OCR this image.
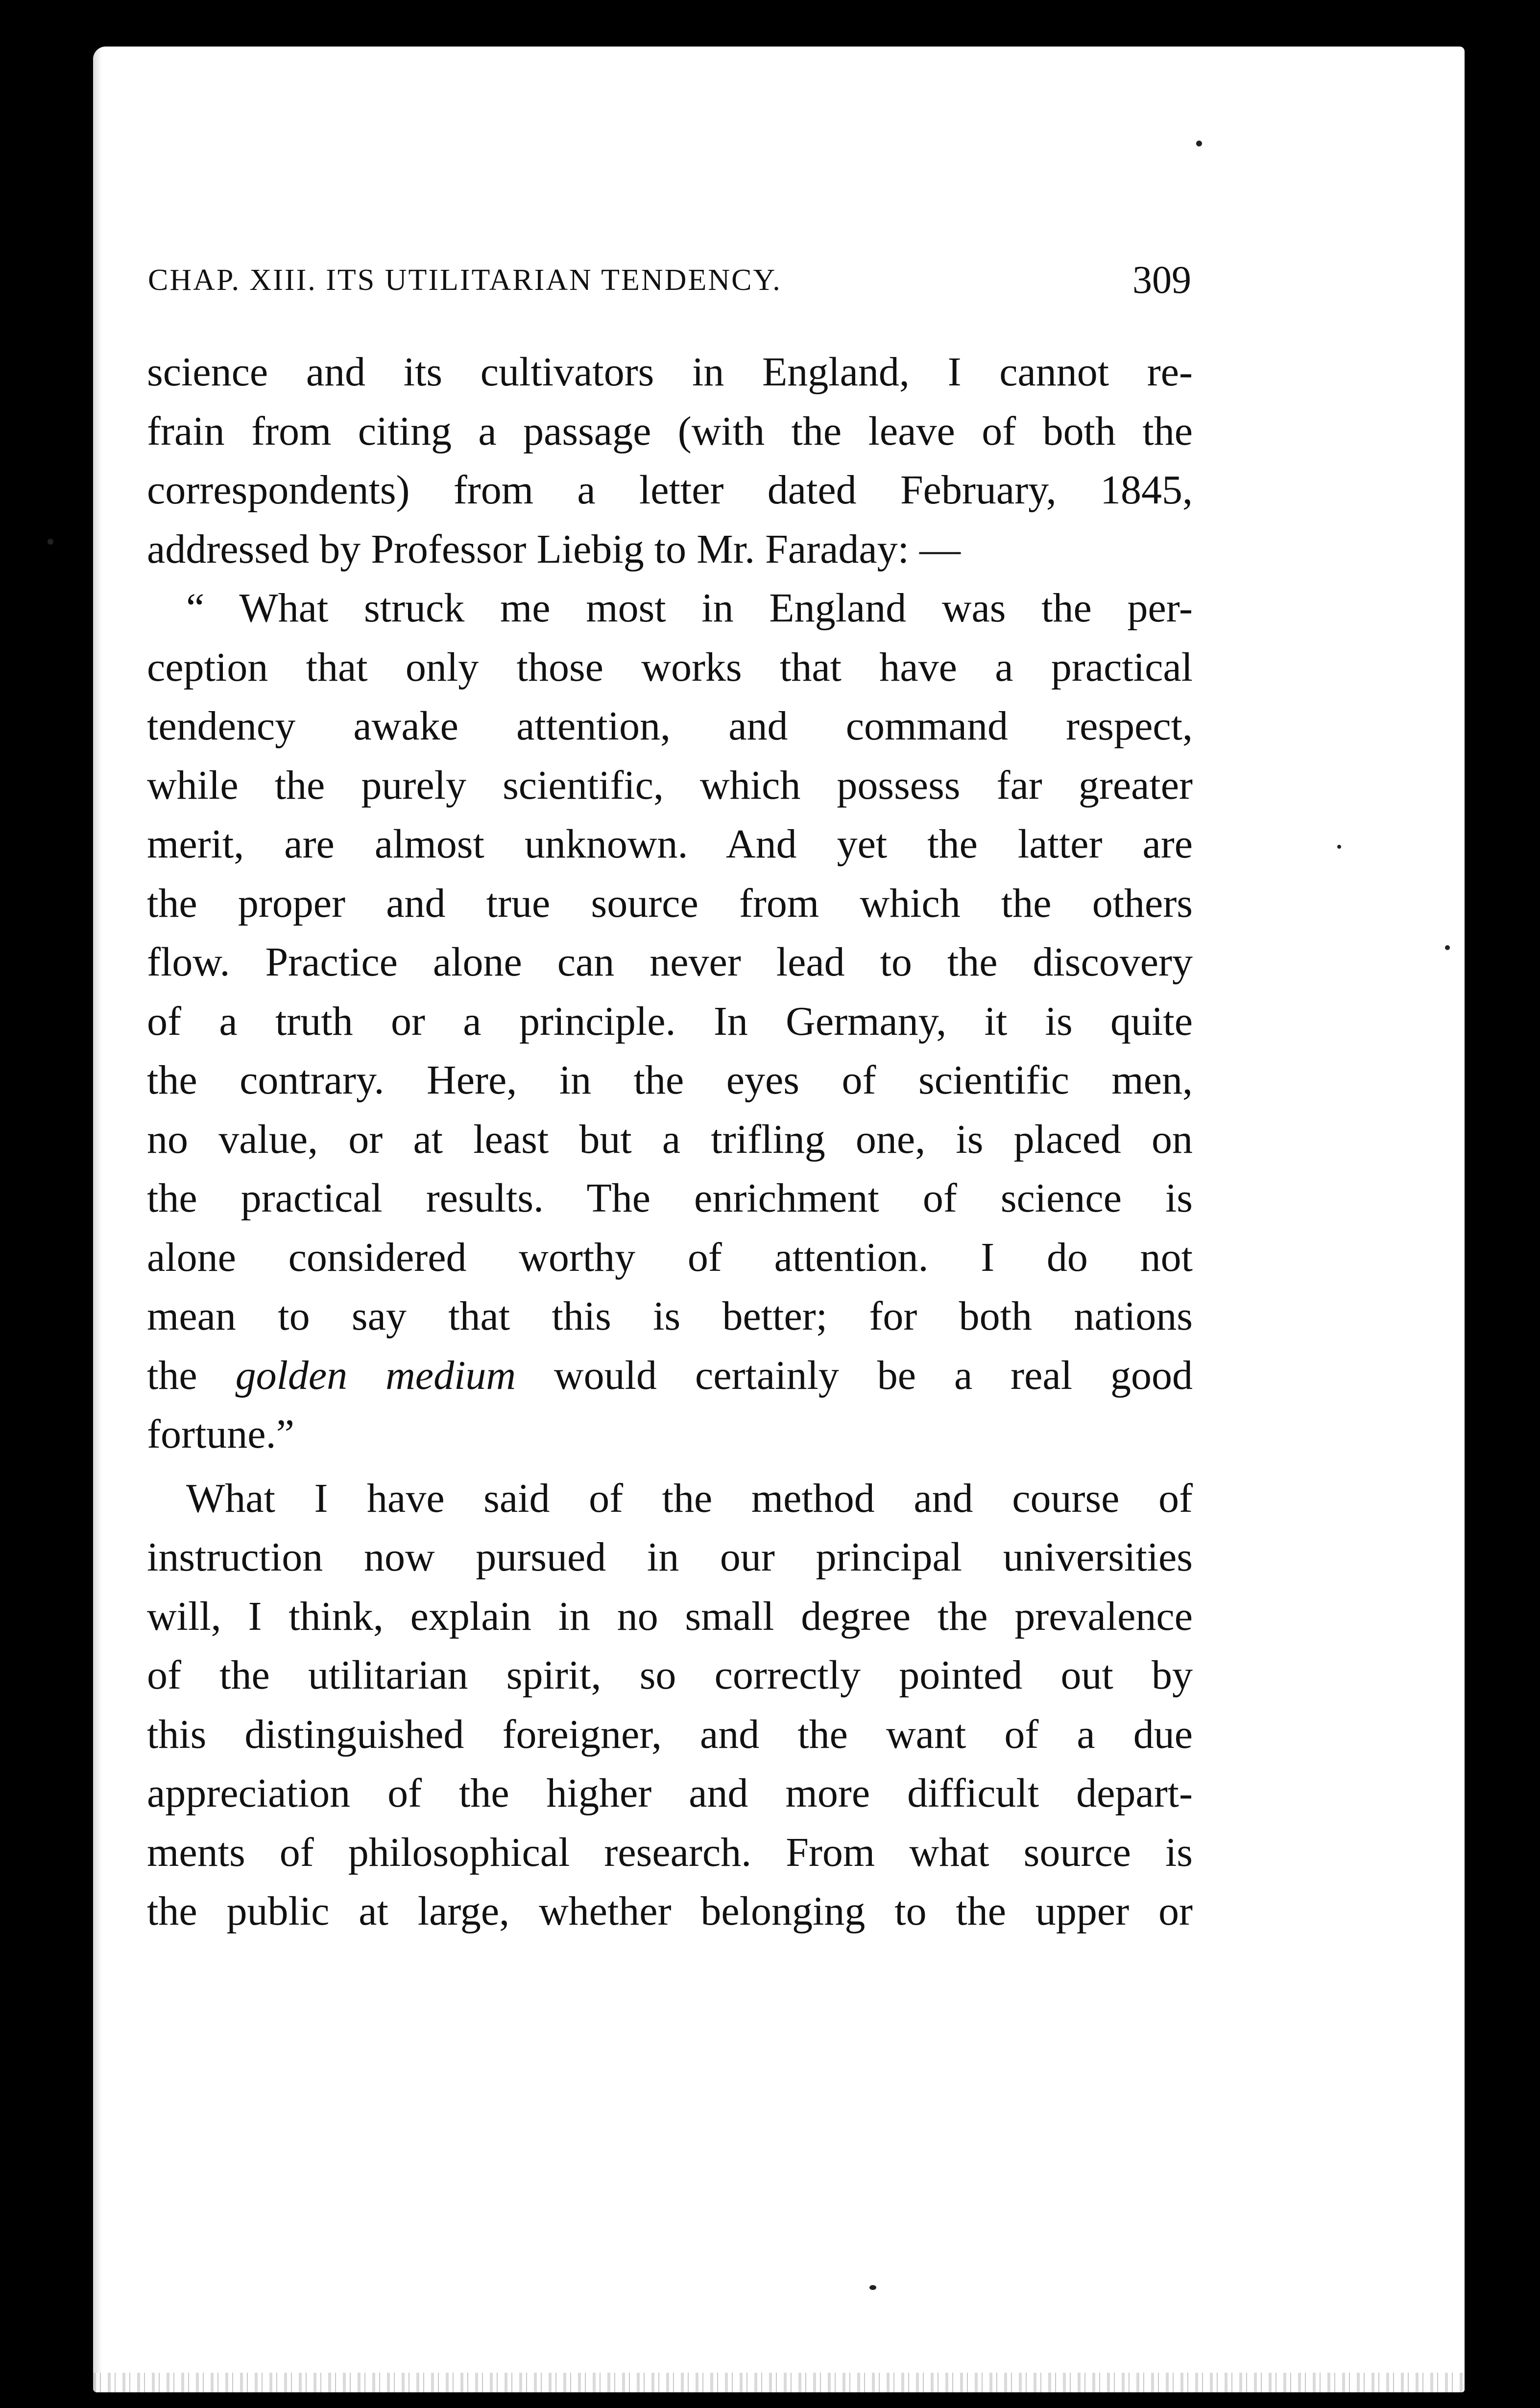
CHAP. XIII. ITS UTILITARIAN TENDENCY.	309
science and its cultivators in England, I cannot re-
frain from citing a passage (with the leave of both the
correspondents) from a letter dated February, 1845,
addressed by Professor Liebig to Mr. Faraday: —
“ What struck me most in England was the per-
ception that only those works that have a practical
tendency awake attention, and command respect,
while the purely scientific, which possess far greater
merit, are almost unknown. And yet the latter are
the proper and true source from which the others
flow. Practice alone can never lead to the discovery
of a truth or a principle. In Germany, it is quite
the contrary. Here, in the eyes of scientific men,
no value, or at least but a trifling one, is placed on
the practical results. The enrichment of science is
alone considered worthy of attention. I do not
mean to say that this is better; for both nations
the golden medium would certainly be a real good
fortune.”
What I have said of the method and course of
instruction now pursued in our principal universities
will, I think, explain in no small degree the prevalence
of the utilitarian spirit, so correctly pointed out by
this distinguished foreigner, and the want of a due
appreciation of the higher and more difficult depart-
ments of philosophical research. From what source is
the public at large, whether belonging to the upper or
